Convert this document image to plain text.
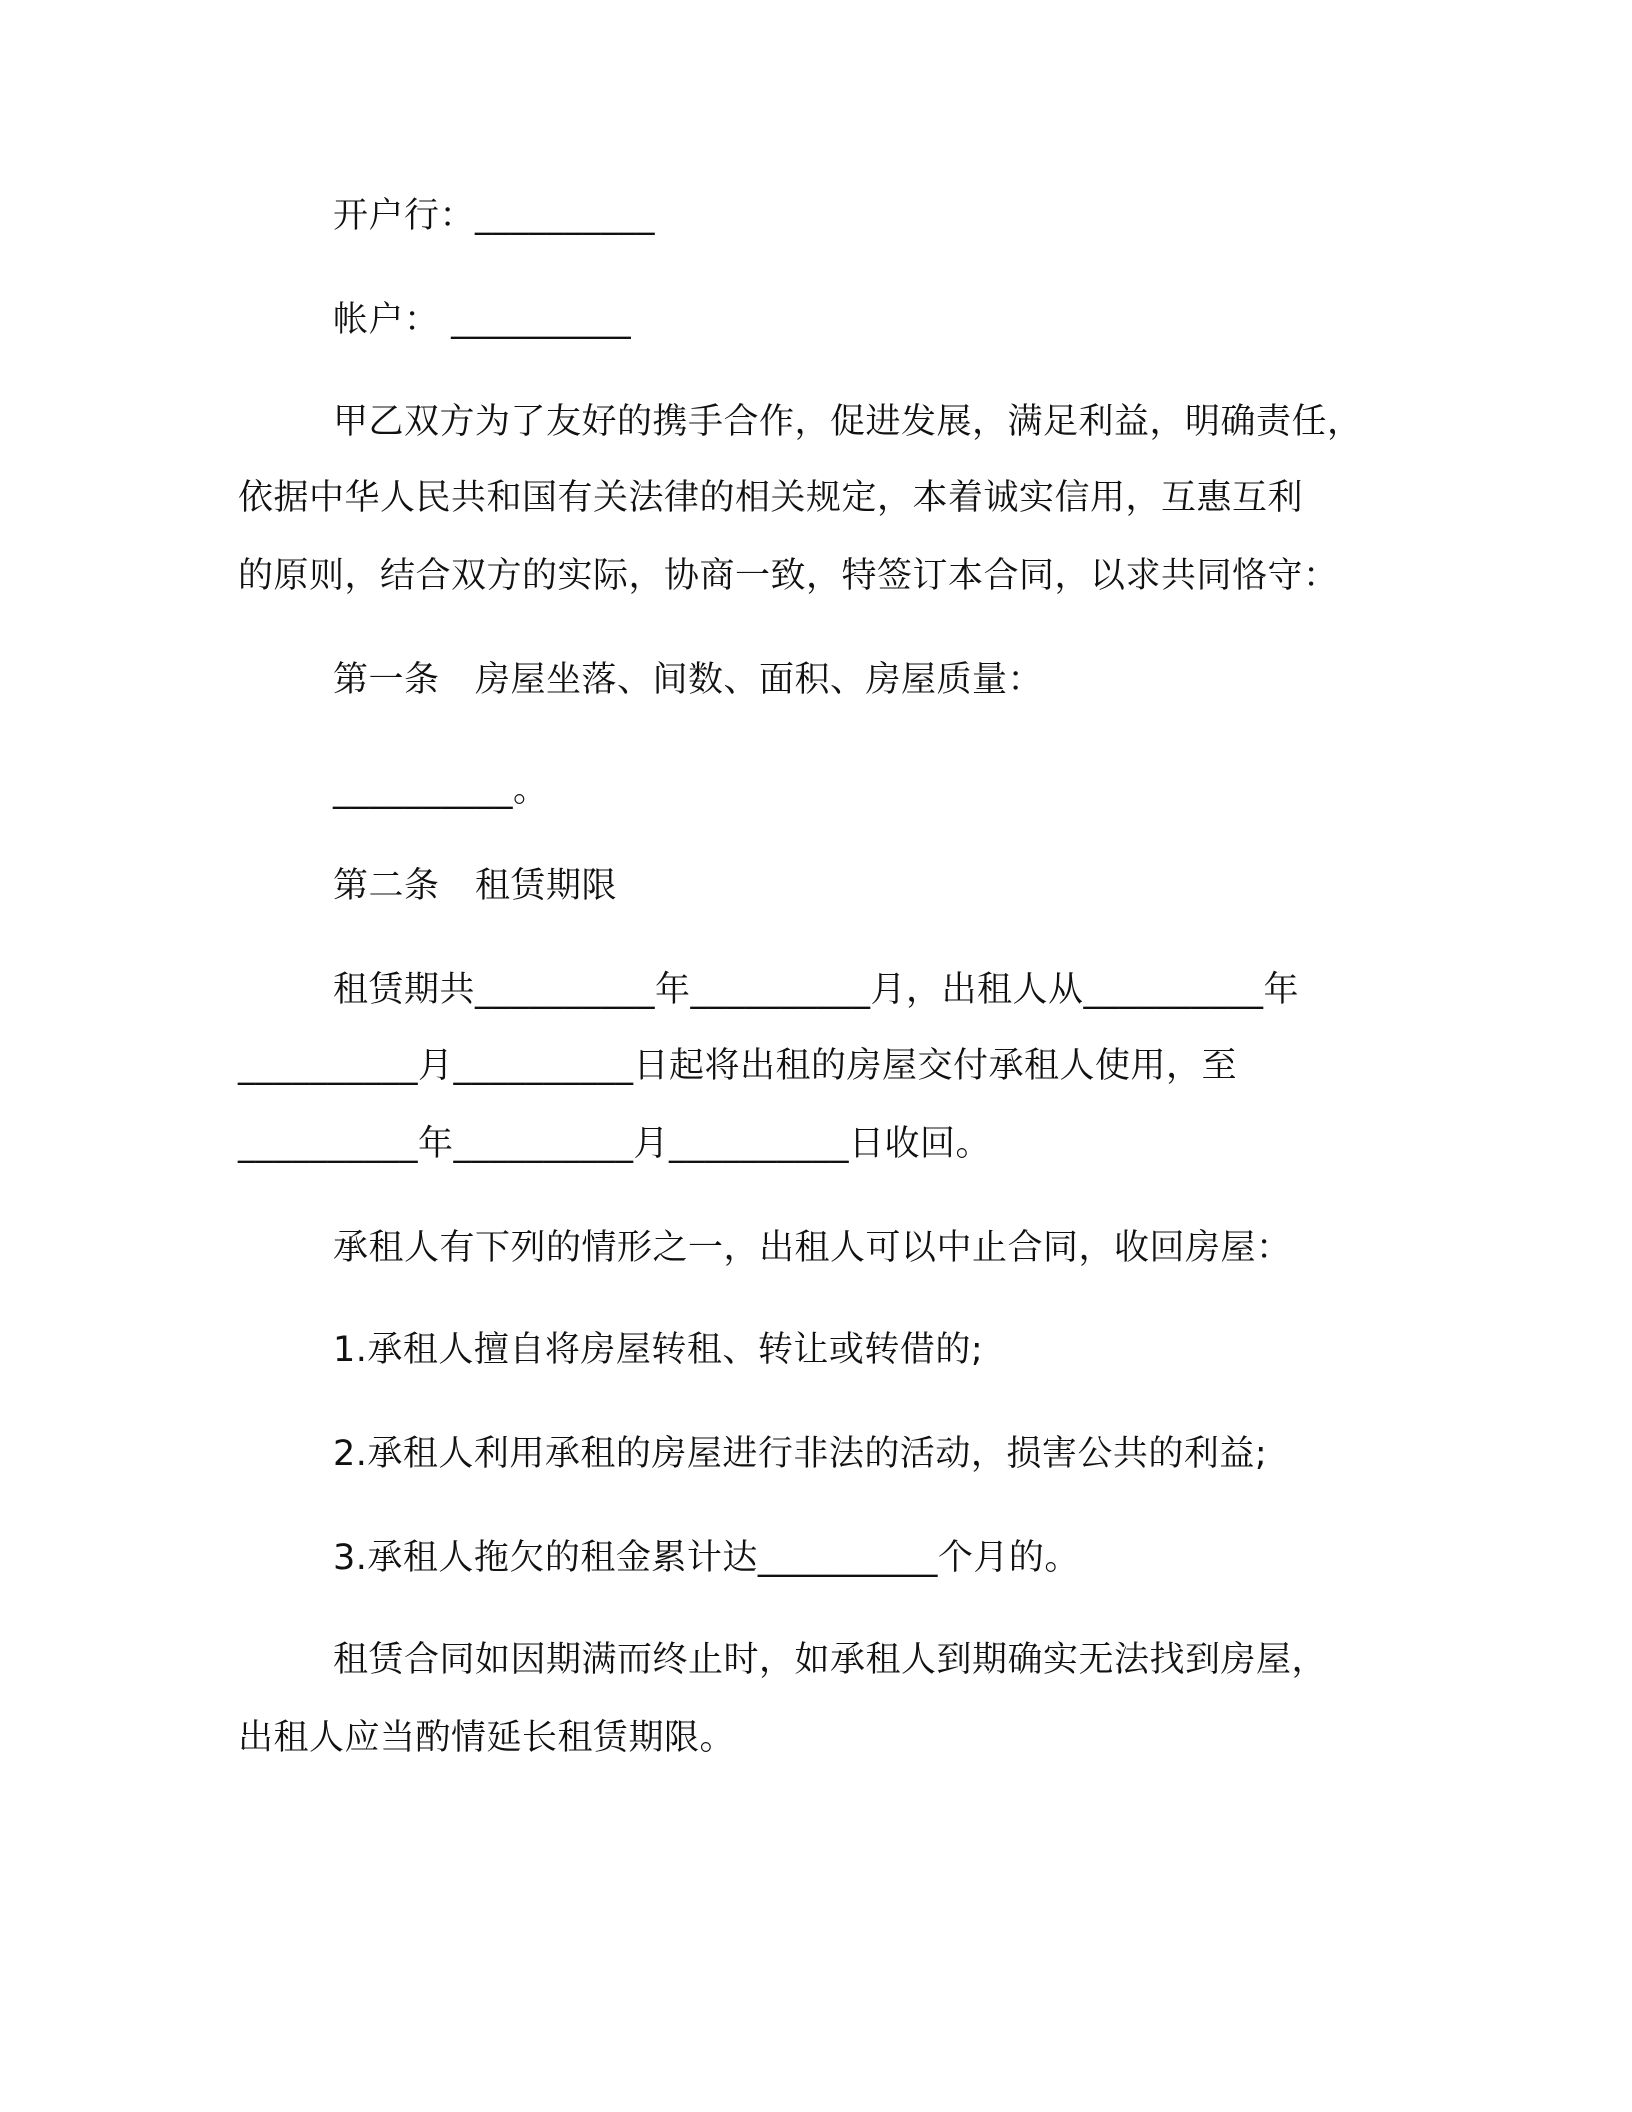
开户行：__________
帐户： __________
甲乙双方为了友好的携手合作，促进发展，满足利益，明确责任，
依据中华人民共和国有关法律的相关规定，本着诚实信用，互惠互利
的原则，结合双方的实际，协商一致，特签订本合同，以求共同恪守：
第一条　房屋坐落、间数、面积、房屋质量：
__________。
第二条　租赁期限
租赁期共__________年__________月，出租人从__________年
__________月__________日起将出租的房屋交付承租人使用，至
__________年__________月__________日收回。
承租人有下列的情形之一，出租人可以中止合同，收回房屋：
1.承租人擅自将房屋转租、转让或转借的;
2.承租人利用承租的房屋进行非法的活动，损害公共的利益;
3.承租人拖欠的租金累计达__________个月的。
租赁合同如因期满而终止时，如承租人到期确实无法找到房屋，
出租人应当酌情延长租赁期限。
